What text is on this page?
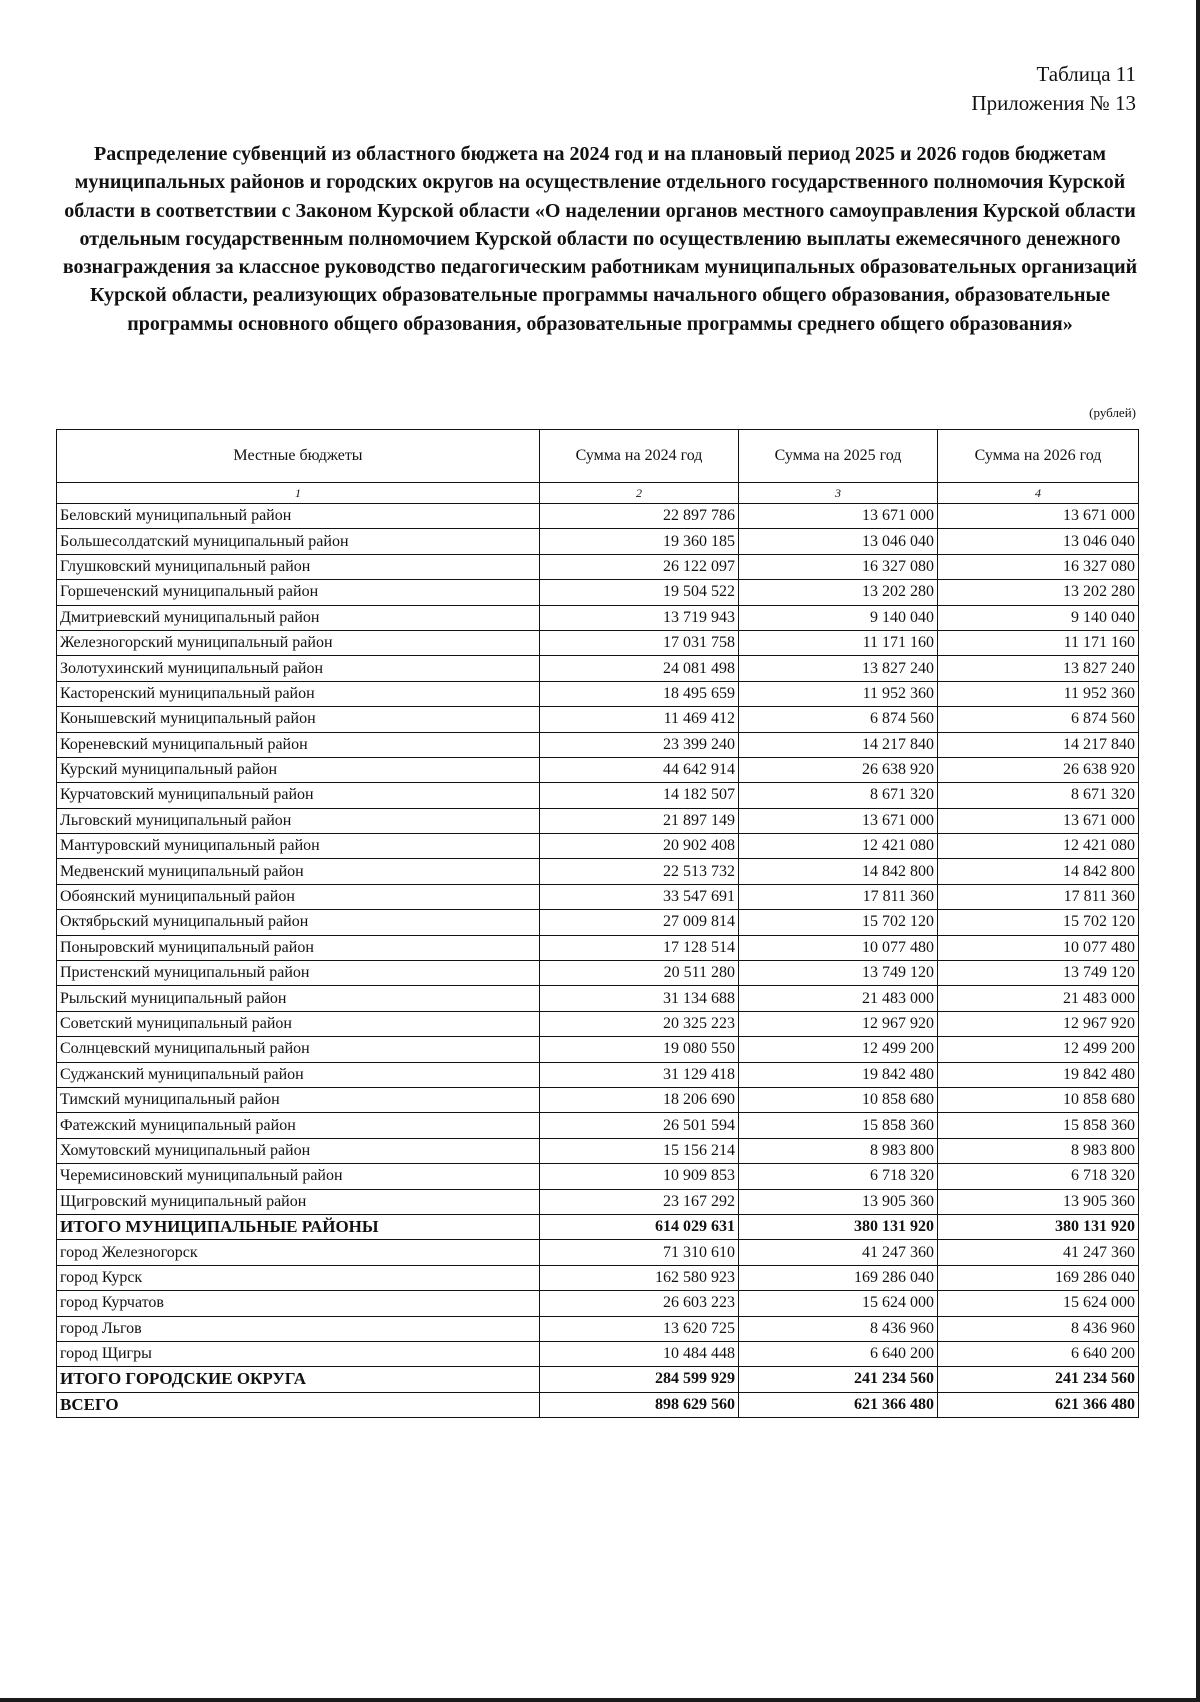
Таблица 11
Приложения № 13
Распределение субвенций из областного бюджета на 2024 год и на плановый период 2025 и 2026 годов бюджетам муниципальных районов и городских округов на осуществление отдельного государственного полномочия Курской области в соответствии с Законом Курской области «О наделении органов местного самоуправления Курской области отдельным государственным полномочием Курской области по осуществлению выплаты ежемесячного денежного вознаграждения за классное руководство педагогическим работникам муниципальных образовательных организаций Курской области, реализующих образовательные программы начального общего образования, образовательные программы основного общего образования, образовательные программы среднего общего образования»
(рублей)
Местные бюджеты	Сумма на 2024 год	Сумма на 2025 год	Сумма на 2026 год
1	2	3	4
Беловский муниципальный район	22 897 786	13 671 000	13 671 000
Большесолдатский муниципальный район	19 360 185	13 046 040	13 046 040
Глушковский муниципальный район	26 122 097	16 327 080	16 327 080
Горшеченский муниципальный район	19 504 522	13 202 280	13 202 280
Дмитриевский муниципальный район	13 719 943	9 140 040	9 140 040
Железногорский муниципальный район	17 031 758	11 171 160	11 171 160
Золотухинский муниципальный район	24 081 498	13 827 240	13 827 240
Касторенский муниципальный район	18 495 659	11 952 360	11 952 360
Конышевский муниципальный район	11 469 412	6 874 560	6 874 560
Кореневский муниципальный район	23 399 240	14 217 840	14 217 840
Курский муниципальный район	44 642 914	26 638 920	26 638 920
Курчатовский муниципальный район	14 182 507	8 671 320	8 671 320
Льговский муниципальный район	21 897 149	13 671 000	13 671 000
Мантуровский муниципальный район	20 902 408	12 421 080	12 421 080
Медвенский муниципальный район	22 513 732	14 842 800	14 842 800
Обоянский муниципальный район	33 547 691	17 811 360	17 811 360
Октябрьский муниципальный район	27 009 814	15 702 120	15 702 120
Поныровский муниципальный район	17 128 514	10 077 480	10 077 480
Пристенский муниципальный район	20 511 280	13 749 120	13 749 120
Рыльский муниципальный район	31 134 688	21 483 000	21 483 000
Советский муниципальный район	20 325 223	12 967 920	12 967 920
Солнцевский муниципальный район	19 080 550	12 499 200	12 499 200
Суджанский муниципальный район	31 129 418	19 842 480	19 842 480
Тимский муниципальный район	18 206 690	10 858 680	10 858 680
Фатежский муниципальный район	26 501 594	15 858 360	15 858 360
Хомутовский муниципальный район	15 156 214	8 983 800	8 983 800
Черемисиновский муниципальный район	10 909 853	6 718 320	6 718 320
Щигровский муниципальный район	23 167 292	13 905 360	13 905 360
ИТОГО МУНИЦИПАЛЬНЫЕ РАЙОНЫ	614 029 631	380 131 920	380 131 920
город Железногорск	71 310 610	41 247 360	41 247 360
город Курск	162 580 923	169 286 040	169 286 040
город Курчатов	26 603 223	15 624 000	15 624 000
город Льгов	13 620 725	8 436 960	8 436 960
город Щигры	10 484 448	6 640 200	6 640 200
ИТОГО ГОРОДСКИЕ ОКРУГА	284 599 929	241 234 560	241 234 560
ВСЕГО	898 629 560	621 366 480	621 366 480
